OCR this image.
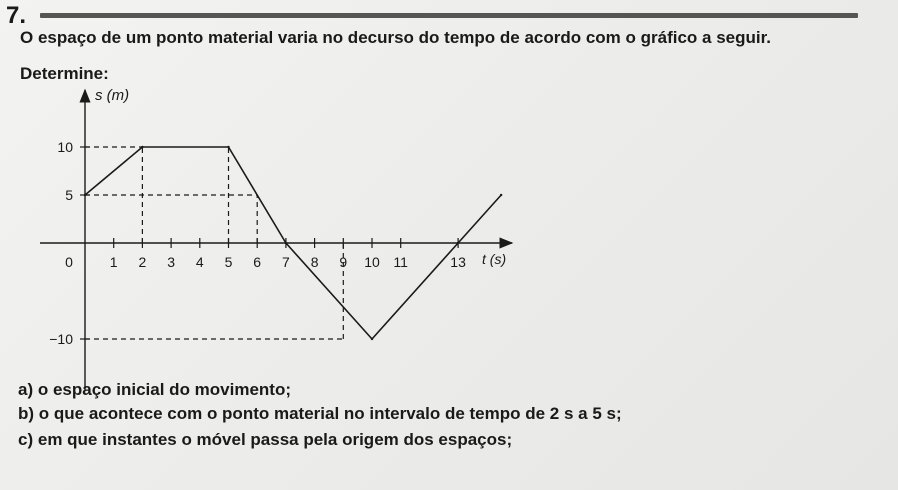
7.
O espaço de um ponto material varia no decurso do tempo de acordo com o gráfico a seguir.
Determine:
s (m)
t (s)
0	1 2 3 4 5 6 7 8 9 10 11	13
10
5
−10
a) o espaço inicial do movimento;
b) o que acontece com o ponto material no intervalo de tempo de 2 s a 5 s;
c) em que instantes o móvel passa pela origem dos espaços;
